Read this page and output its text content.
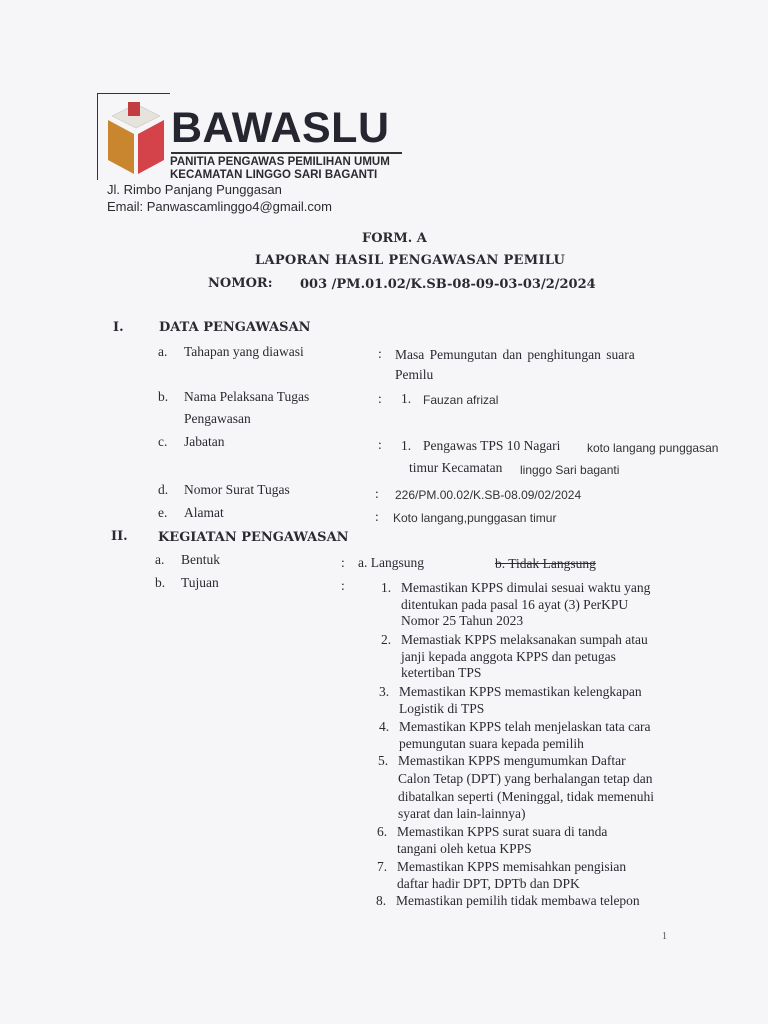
BAWASLU
PANITIA PENGAWAS PEMILIHAN UMUM
KECAMATAN LINGGO SARI BAGANTI
Jl. Rimbo Panjang Punggasan
Email: Panwascamlinggo4@gmail.com
FORM. A
LAPORAN HASIL PENGAWASAN PEMILU
NOMOR: 003 /PM.01.02/K.SB-08-09-03-03/2/2024
I.	DATA PENGAWASAN
a. Tahapan yang diawasi	: Masa Pemungutan dan penghitungan suara
Pemilu
b. Nama Pelaksana Tugas
Pengawasan
: 1. Fauzan afrizal
c. Jabatan	: 1. Pengawas TPS 10 Nagari koto langang punggasan
timur Kecamatan linggo Sari baganti
d. Nomor Surat Tugas	: 226/PM.00.02/K.SB-08.09/02/2024
e. Alamat	: Koto langang,punggasan timur
II. KEGIATAN PENGAWASAN
a. Bentuk	: a. Langsung	b. Tidak Langsung
b. Tujuan	:	1. Memastikan KPPS dimulai sesuai waktu yang
ditentukan pada pasal 16 ayat (3) PerKPU
Nomor 25 Tahun 2023
2. Memastiak KPPS melaksanakan sumpah atau
janji kepada anggota KPPS dan petugas
ketertiban TPS
3. Memastikan KPPS memastikan kelengkapan
Logistik di TPS
4. Memastikan KPPS telah menjelaskan tata cara
pemungutan suara kepada pemilih
5. Memastikan KPPS mengumumkan Daftar
Calon Tetap (DPT) yang berhalangan tetap dan
dibatalkan seperti (Meninggal, tidak memenuhi
syarat dan lain-lainnya)
6. Memastikan KPPS surat suara di tanda
tangani oleh ketua KPPS
7. Memastikan KPPS memisahkan pengisian
daftar hadir DPT, DPTb dan DPK
8. Memastikan pemilih tidak membawa telepon
1
